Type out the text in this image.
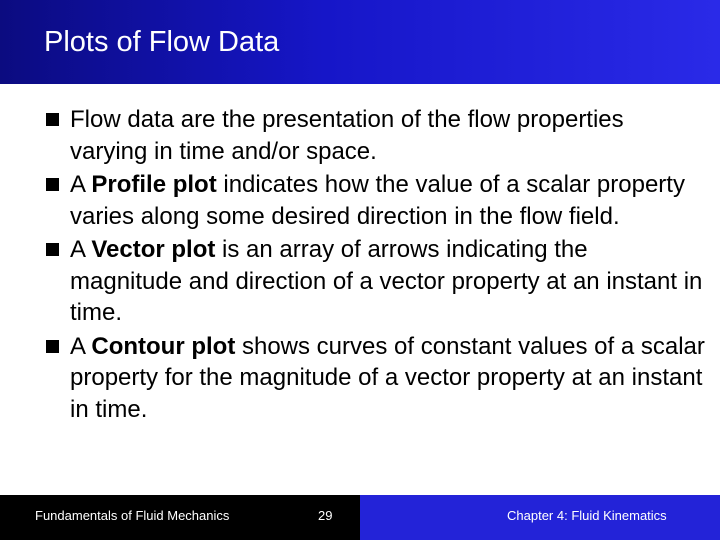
Plots of Flow Data
Flow data are the presentation of the flow properties varying in time and/or space.
A Profile plot indicates how the value of a scalar property varies along some desired direction in the flow field.
A Vector plot is an array of arrows indicating the magnitude and direction of a vector property at an instant in time.
A Contour plot shows curves of constant values of a scalar property for the magnitude of a vector property at an instant in time.
Fundamentals of Fluid Mechanics	29	Chapter 4: Fluid Kinematics
